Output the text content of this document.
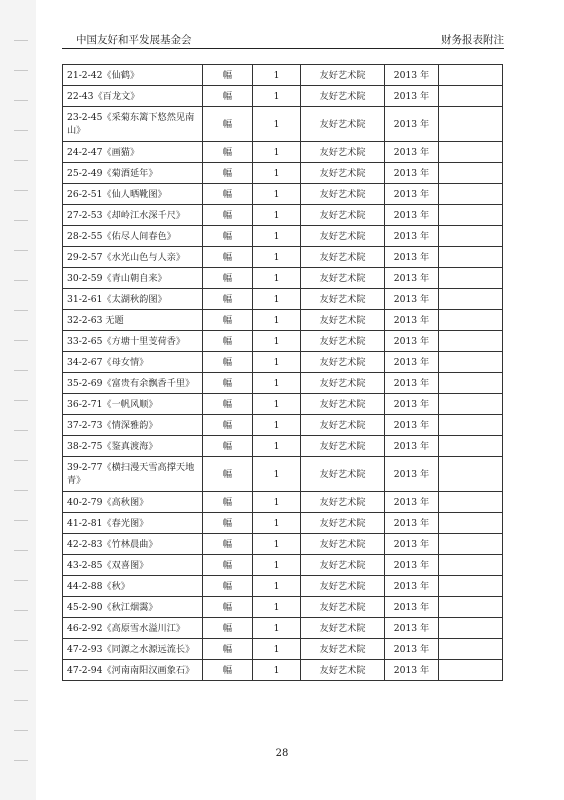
中国友好和平发展基金会	财务报表附注
21-2-42《仙鹤》	幅	1	友好艺术院	2013 年	
22-43《百龙文》	幅	1	友好艺术院	2013 年	
23-2-45《采菊东篱下悠然见南山》	幅	1	友好艺术院	2013 年	
24-2-47《画猫》	幅	1	友好艺术院	2013 年	
25-2-49《菊酒延年》	幅	1	友好艺术院	2013 年	
26-2-51《仙人晒靴图》	幅	1	友好艺术院	2013 年	
27-2-53《却岭江水深千尺》	幅	1	友好艺术院	2013 年	
28-2-55《佑尽人间春色》	幅	1	友好艺术院	2013 年	
29-2-57《水光山色与人亲》	幅	1	友好艺术院	2013 年	
30-2-59《青山朝自来》	幅	1	友好艺术院	2013 年	
31-2-61《太湖秋韵图》	幅	1	友好艺术院	2013 年	
32-2-63 无题	幅	1	友好艺术院	2013 年	
33-2-65《方塘十里芰荷香》	幅	1	友好艺术院	2013 年	
34-2-67《母女情》	幅	1	友好艺术院	2013 年	
35-2-69《富贵有余飘香千里》	幅	1	友好艺术院	2013 年	
36-2-71《一帆风顺》	幅	1	友好艺术院	2013 年	
37-2-73《情深雅韵》	幅	1	友好艺术院	2013 年	
38-2-75《鉴真渡海》	幅	1	友好艺术院	2013 年	
39-2-77《横扫漫天雪高撑天地青》	幅	1	友好艺术院	2013 年	
40-2-79《高秋图》	幅	1	友好艺术院	2013 年	
41-2-81《春光图》	幅	1	友好艺术院	2013 年	
42-2-83《竹林晨曲》	幅	1	友好艺术院	2013 年	
43-2-85《双喜图》	幅	1	友好艺术院	2013 年	
44-2-88《秋》	幅	1	友好艺术院	2013 年	
45-2-90《秋江烟霭》	幅	1	友好艺术院	2013 年	
46-2-92《高原雪水溢川江》	幅	1	友好艺术院	2013 年	
47-2-93《同源之水源远流长》	幅	1	友好艺术院	2013 年	
47-2-94《河南南阳汉画象石》	幅	1	友好艺术院	2013 年	
28
